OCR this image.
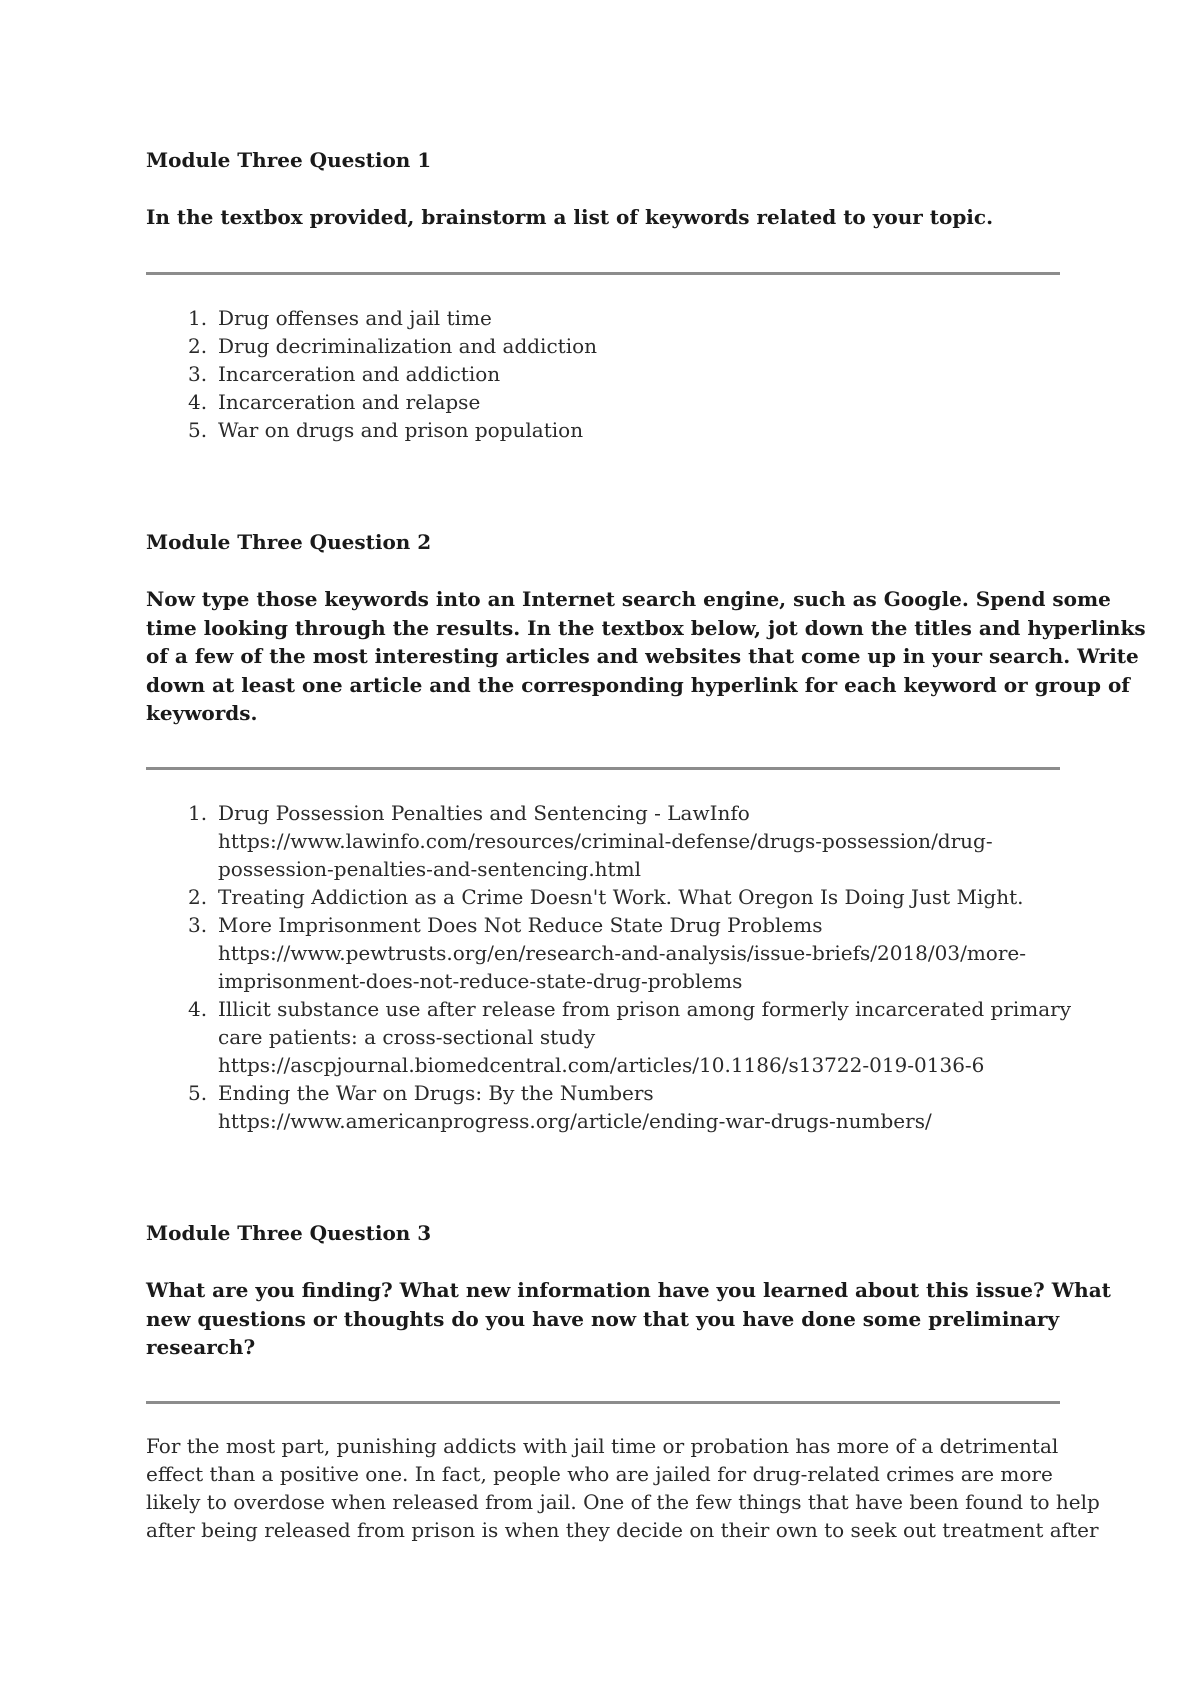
Module Three Question 1

In the textbox provided, brainstorm a list of keywords related to your topic.

1. Drug offenses and jail time
2. Drug decriminalization and addiction
3. Incarceration and addiction
4. Incarceration and relapse
5. War on drugs and prison population
Module Three Question 2

Now type those keywords into an Internet search engine, such as Google. Spend some
time looking through the results. In the textbox below, jot down the titles and hyperlinks
of a few of the most interesting articles and websites that come up in your search. Write
down at least one article and the corresponding hyperlink for each keyword or group of
keywords.

1. Drug Possession Penalties and Sentencing - LawInfo
https://www.lawinfo.com/resources/criminal-defense/drugs-possession/drug-
possession-penalties-and-sentencing.html
2. Treating Addiction as a Crime Doesn't Work. What Oregon Is Doing Just Might.
3. More Imprisonment Does Not Reduce State Drug Problems
https://www.pewtrusts.org/en/research-and-analysis/issue-briefs/2018/03/more-
imprisonment-does-not-reduce-state-drug-problems
4. Illicit substance use after release from prison among formerly incarcerated primary
care patients: a cross-sectional study
https://ascpjournal.biomedcentral.com/articles/10.1186/s13722-019-0136-6
5. Ending the War on Drugs: By the Numbers
https://www.americanprogress.org/article/ending-war-drugs-numbers/
Module Three Question 3

What are you finding? What new information have you learned about this issue? What
new questions or thoughts do you have now that you have done some preliminary
research?

For the most part, punishing addicts with jail time or probation has more of a detrimental
effect than a positive one. In fact, people who are jailed for drug-related crimes are more
likely to overdose when released from jail. One of the few things that have been found to help
after being released from prison is when they decide on their own to seek out treatment after
